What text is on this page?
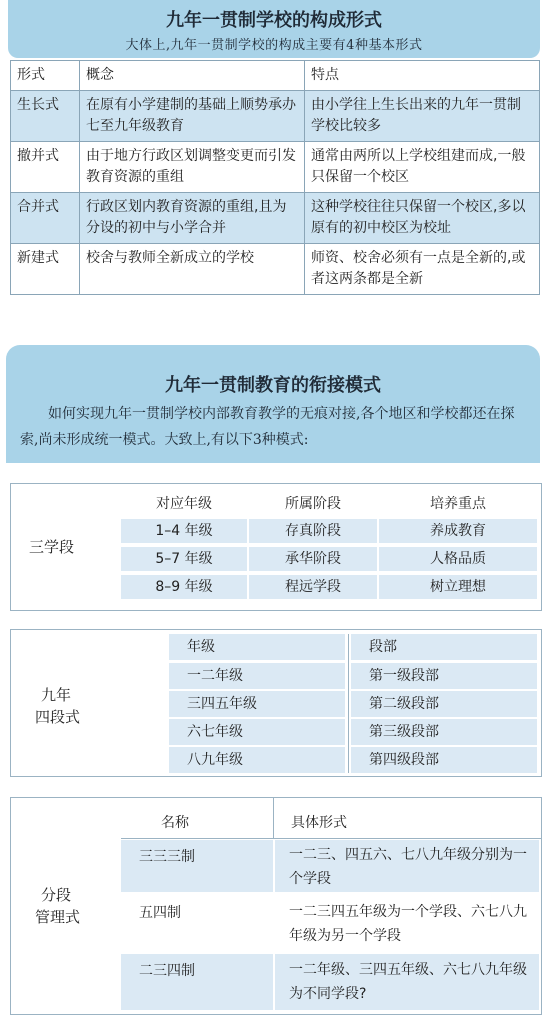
九年一贯制学校的构成形式
大体上,九年一贯制学校的构成主要有4种基本形式
形式	概念	特点
生长式	在原有小学建制的基础上顺势承办七至九年级教育	由小学往上生长出来的九年一贯制学校比较多
撤并式	由于地方行政区划调整变更而引发教育资源的重组	通常由两所以上学校组建而成,一般只保留一个校区
合并式	行政区划内教育资源的重组,且为分设的初中与小学合并	这种学校往往只保留一个校区,多以原有的初中校区为校址
新建式	校舍与教师全新成立的学校	师资、校舍必须有一点是全新的,或者这两条都是全新
九年一贯制教育的衔接模式
如何实现九年一贯制学校内部教育教学的无痕对接,各个地区和学校都还在探索,尚未形成统一模式。大致上,有以下3种模式:
三学段
对应年级	所属阶段	培养重点
1–4 年级	存真阶段	养成教育
5–7 年级	承华阶段	人格品质
8–9 年级	程远学段	树立理想
九年
四段式
年级	段部
一二年级	第一级段部
三四五年级	第二级段部
六七年级	第三级段部
八九年级	第四级段部
分段
管理式
名称	具体形式
三三三制	一二三、四五六、七八九年级分别为一个学段
五四制	一二三四五年级为一个学段、六七八九年级为另一个学段
二三四制	一二年级、三四五年级、六七八九年级为不同学段?
